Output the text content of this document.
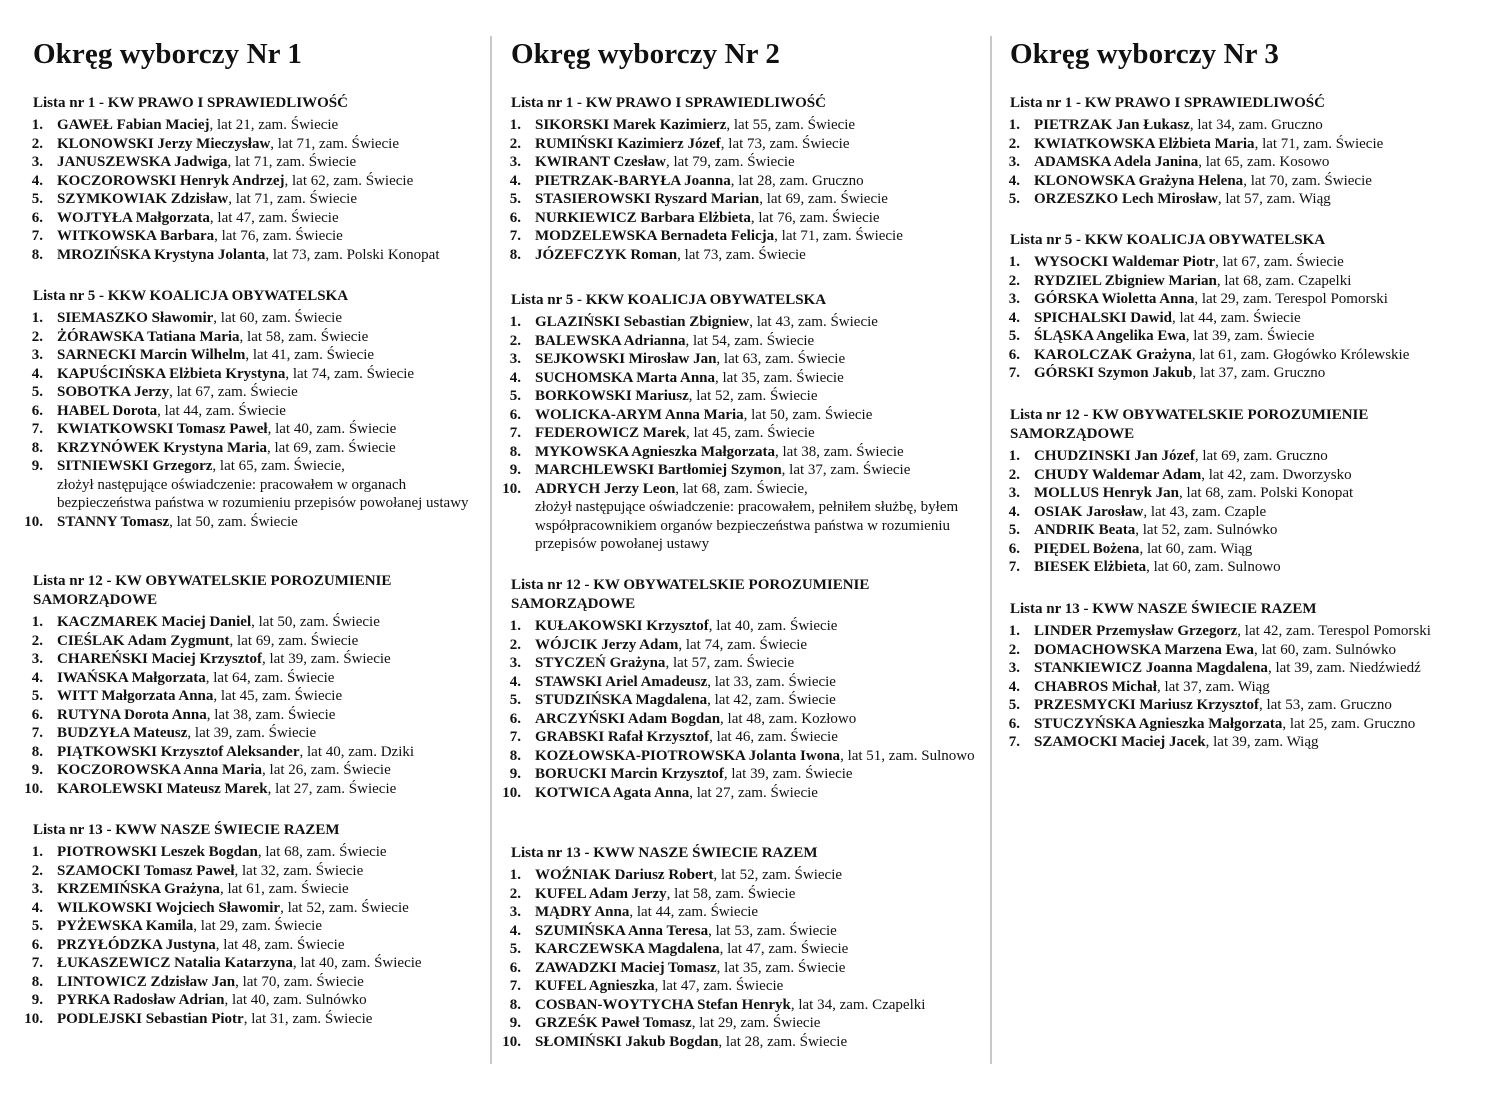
Okręg wyborczy Nr 1
Lista nr 1 - KW PRAWO I SPRAWIEDLIWOŚĆ
1. GAWEŁ Fabian Maciej, lat 21, zam. Świecie
2. KLONOWSKI Jerzy Mieczysław, lat 71, zam. Świecie
3. JANUSZEWSKA Jadwiga, lat 71, zam. Świecie
4. KOCZOROWSKI Henryk Andrzej, lat 62, zam. Świecie
5. SZYMKOWIAK Zdzisław, lat 71, zam. Świecie
6. WOJTYŁA Małgorzata, lat 47, zam. Świecie
7. WITKOWSKA Barbara, lat 76, zam. Świecie
8. MROZIŃSKA Krystyna Jolanta, lat 73, zam. Polski Konopat
Lista nr 5 - KKW KOALICJA OBYWATELSKA
1. SIEMASZKO Sławomir, lat 60, zam. Świecie
2. ŻÓRAWSKA Tatiana Maria, lat 58, zam. Świecie
3. SARNECKI Marcin Wilhelm, lat 41, zam. Świecie
4. KAPUŚCIŃSKA Elżbieta Krystyna, lat 74, zam. Świecie
5. SOBOTKA Jerzy, lat 67, zam. Świecie
6. HABEL Dorota, lat 44, zam. Świecie
7. KWIATKOWSKI Tomasz Paweł, lat 40, zam. Świecie
8. KRZYNÓWEK Krystyna Maria, lat 69, zam. Świecie
9. SITNIEWSKI Grzegorz, lat 65, zam. Świecie,
złożył następujące oświadczenie: pracowałem w organach bezpieczeństwa państwa w rozumieniu przepisów powołanej ustawy
10. STANNY Tomasz, lat 50, zam. Świecie
Lista nr 12 - KW OBYWATELSKIE POROZUMIENIE SAMORZĄDOWE
1. KACZMAREK Maciej Daniel, lat 50, zam. Świecie
2. CIEŚLAK Adam Zygmunt, lat 69, zam. Świecie
3. CHAREŃSKI Maciej Krzysztof, lat 39, zam. Świecie
4. IWAŃSKA Małgorzata, lat 64, zam. Świecie
5. WITT Małgorzata Anna, lat 45, zam. Świecie
6. RUTYNA Dorota Anna, lat 38, zam. Świecie
7. BUDZYŁA Mateusz, lat 39, zam. Świecie
8. PIĄTKOWSKI Krzysztof Aleksander, lat 40, zam. Dziki
9. KOCZOROWSKA Anna Maria, lat 26, zam. Świecie
10. KAROLEWSKI Mateusz Marek, lat 27, zam. Świecie
Lista nr 13 - KWW NASZE ŚWIECIE RAZEM
1. PIOTROWSKI Leszek Bogdan, lat 68, zam. Świecie
2. SZAMOCKI Tomasz Paweł, lat 32, zam. Świecie
3. KRZEMIŃSKA Grażyna, lat 61, zam. Świecie
4. WILKOWSKI Wojciech Sławomir, lat 52, zam. Świecie
5. PYŻEWSKA Kamila, lat 29, zam. Świecie
6. PRZYŁÓDZKA Justyna, lat 48, zam. Świecie
7. ŁUKASZEWICZ Natalia Katarzyna, lat 40, zam. Świecie
8. LINTOWICZ Zdzisław Jan, lat 70, zam. Świecie
9. PYRKA Radosław Adrian, lat 40, zam. Sulnówko
10. PODLEJSKI Sebastian Piotr, lat 31, zam. Świecie
Okręg wyborczy Nr 2
Lista nr 1 - KW PRAWO I SPRAWIEDLIWOŚĆ
1. SIKORSKI Marek Kazimierz, lat 55, zam. Świecie
2. RUMIŃSKI Kazimierz Józef, lat 73, zam. Świecie
3. KWIRANT Czesław, lat 79, zam. Świecie
4. PIETRZAK-BARYŁA Joanna, lat 28, zam. Gruczno
5. STASIEROWSKI Ryszard Marian, lat 69, zam. Świecie
6. NURKIEWICZ Barbara Elżbieta, lat 76, zam. Świecie
7. MODZELEWSKA Bernadeta Felicja, lat 71, zam. Świecie
8. JÓZEFCZYK Roman, lat 73, zam. Świecie
Lista nr 5 - KKW KOALICJA OBYWATELSKA
1. GLAZIŃSKI Sebastian Zbigniew, lat 43, zam. Świecie
2. BALEWSKA Adrianna, lat 54, zam. Świecie
3. SEJKOWSKI Mirosław Jan, lat 63, zam. Świecie
4. SUCHOMSKA Marta Anna, lat 35, zam. Świecie
5. BORKOWSKI Mariusz, lat 52, zam. Świecie
6. WOLICKA-ARYM Anna Maria, lat 50, zam. Świecie
7. FEDEROWICZ Marek, lat 45, zam. Świecie
8. MYKOWSKA Agnieszka Małgorzata, lat 38, zam. Świecie
9. MARCHLEWSKI Bartłomiej Szymon, lat 37, zam. Świecie
10. ADRYCH Jerzy Leon, lat 68, zam. Świecie,
złożył następujące oświadczenie: pracowałem, pełniłem służbę, byłem współpracownikiem organów bezpieczeństwa państwa w rozumieniu przepisów powołanej ustawy
Lista nr 12 - KW OBYWATELSKIE POROZUMIENIE SAMORZĄDOWE
1. KUŁAKOWSKI Krzysztof, lat 40, zam. Świecie
2. WÓJCIK Jerzy Adam, lat 74, zam. Świecie
3. STYCZEŃ Grażyna, lat 57, zam. Świecie
4. STAWSKI Ariel Amadeusz, lat 33, zam. Świecie
5. STUDZIŃSKA Magdalena, lat 42, zam. Świecie
6. ARCZYŃSKI Adam Bogdan, lat 48, zam. Kozłowo
7. GRABSKI Rafał Krzysztof, lat 46, zam. Świecie
8. KOZŁOWSKA-PIOTROWSKA Jolanta Iwona, lat 51, zam. Sulnowo
9. BORUCKI Marcin Krzysztof, lat 39, zam. Świecie
10. KOTWICA Agata Anna, lat 27, zam. Świecie
Lista nr 13 - KWW NASZE ŚWIECIE RAZEM
1. WOŹNIAK Dariusz Robert, lat 52, zam. Świecie
2. KUFEL Adam Jerzy, lat 58, zam. Świecie
3. MĄDRY Anna, lat 44, zam. Świecie
4. SZUMIŃSKA Anna Teresa, lat 53, zam. Świecie
5. KARCZEWSKA Magdalena, lat 47, zam. Świecie
6. ZAWADZKI Maciej Tomasz, lat 35, zam. Świecie
7. KUFEL Agnieszka, lat 47, zam. Świecie
8. COSBAN-WOYTYCHA Stefan Henryk, lat 34, zam. Czapelki
9. GRZEŚK Paweł Tomasz, lat 29, zam. Świecie
10. SŁOMIŃSKI Jakub Bogdan, lat 28, zam. Świecie
Okręg wyborczy Nr 3
Lista nr 1 - KW PRAWO I SPRAWIEDLIWOŚĆ
1. PIETRZAK Jan Łukasz, lat 34, zam. Gruczno
2. KWIATKOWSKA Elżbieta Maria, lat 71, zam. Świecie
3. ADAMSKA Adela Janina, lat 65, zam. Kosowo
4. KLONOWSKA Grażyna Helena, lat 70, zam. Świecie
5. ORZESZKO Lech Mirosław, lat 57, zam. Wiąg
Lista nr 5 - KKW KOALICJA OBYWATELSKA
1. WYSOCKI Waldemar Piotr, lat 67, zam. Świecie
2. RYDZIEL Zbigniew Marian, lat 68, zam. Czapelki
3. GÓRSKA Wioletta Anna, lat 29, zam. Terespol Pomorski
4. SPICHALSKI Dawid, lat 44, zam. Świecie
5. ŚLĄSKA Angelika Ewa, lat 39, zam. Świecie
6. KAROLCZAK Grażyna, lat 61, zam. Głogówko Królewskie
7. GÓRSKI Szymon Jakub, lat 37, zam. Gruczno
Lista nr 12 - KW OBYWATELSKIE POROZUMIENIE SAMORZĄDOWE
1. CHUDZINSKI Jan Józef, lat 69, zam. Gruczno
2. CHUDY Waldemar Adam, lat 42, zam. Dworzysko
3. MOLLUS Henryk Jan, lat 68, zam. Polski Konopat
4. OSIAK Jarosław, lat 43, zam. Czaple
5. ANDRIK Beata, lat 52, zam. Sulnówko
6. PIĘDEL Bożena, lat 60, zam. Wiąg
7. BIESEK Elżbieta, lat 60, zam. Sulnowo
Lista nr 13 - KWW NASZE ŚWIECIE RAZEM
1. LINDER Przemysław Grzegorz, lat 42, zam. Terespol Pomorski
2. DOMACHOWSKA Marzena Ewa, lat 60, zam. Sulnówko
3. STANKIEWICZ Joanna Magdalena, lat 39, zam. Niedźwiedź
4. CHABROS Michał, lat 37, zam. Wiąg
5. PRZESMYCKI Mariusz Krzysztof, lat 53, zam. Gruczno
6. STUCZYŃSKA Agnieszka Małgorzata, lat 25, zam. Gruczno
7. SZAMOCKI Maciej Jacek, lat 39, zam. Wiąg
